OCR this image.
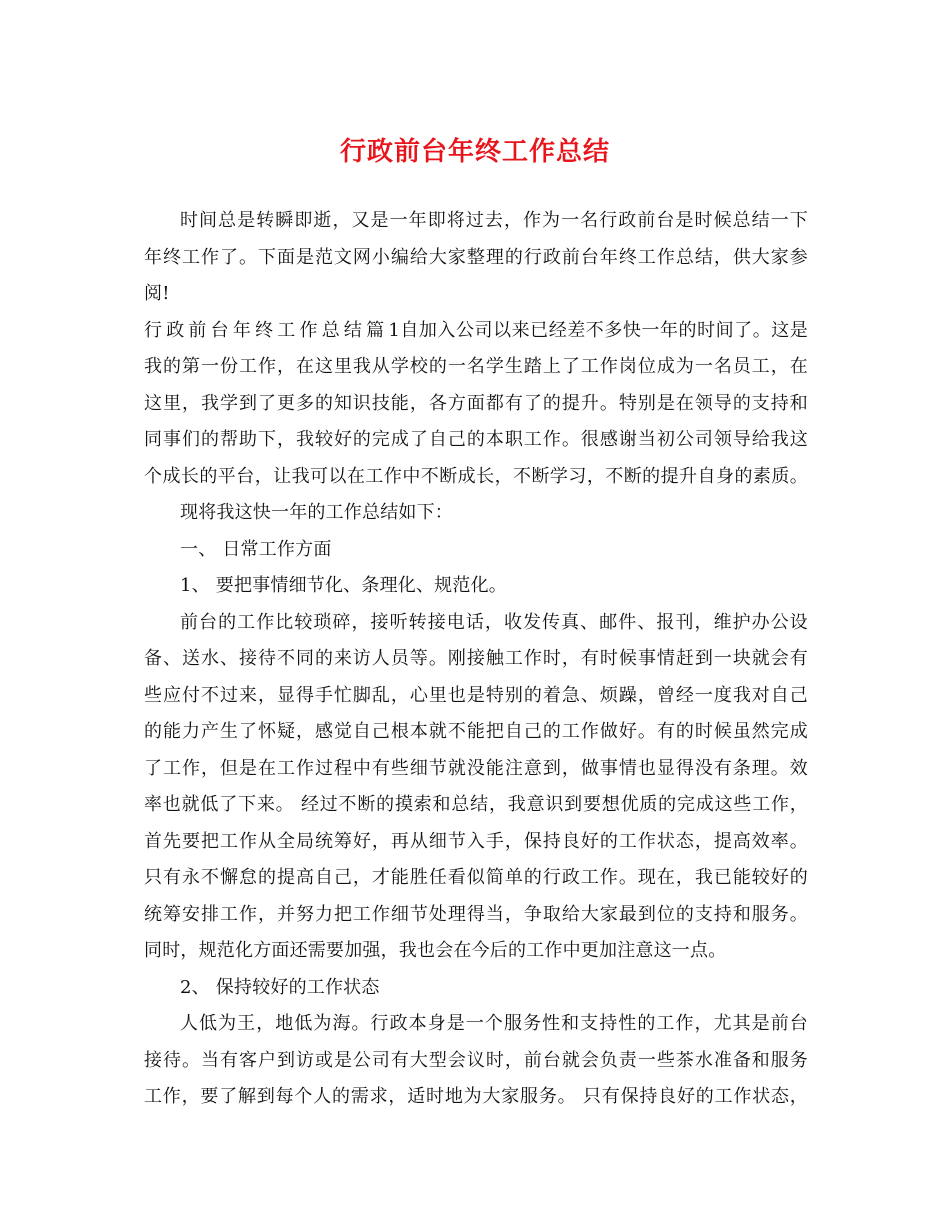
行政前台年终工作总结
时间总是转瞬即逝，又是一年即将过去，作为一名行政前台是时候总结一下
年终工作了。下面是范文网小编给大家整理的行政前台年终工作总结，供大家参
阅!
行政前台年终工作总结篇1自加入公司以来已经差不多快一年的时间了。这是
我的第一份工作，在这里我从学校的一名学生踏上了工作岗位成为一名员工，在
这里，我学到了更多的知识技能，各方面都有了的提升。特别是在领导的支持和
同事们的帮助下，我较好的完成了自己的本职工作。很感谢当初公司领导给我这
个成长的平台，让我可以在工作中不断成长，不断学习，不断的提升自身的素质。
现将我这快一年的工作总结如下：
一、 日常工作方面
1、 要把事情细节化、条理化、规范化。
前台的工作比较琐碎，接听转接电话，收发传真、邮件、报刊，维护办公设
备、送水、接待不同的来访人员等。刚接触工作时，有时候事情赶到一块就会有
些应付不过来，显得手忙脚乱，心里也是特别的着急、烦躁，曾经一度我对自己
的能力产生了怀疑，感觉自己根本就不能把自己的工作做好。有的时候虽然完成
了工作，但是在工作过程中有些细节就没能注意到，做事情也显得没有条理。效
率也就低了下来。 经过不断的摸索和总结，我意识到要想优质的完成这些工作，
首先要把工作从全局统筹好，再从细节入手，保持良好的工作状态，提高效率。
只有永不懈怠的提高自己，才能胜任看似简单的行政工作。现在，我已能较好的
统筹安排工作，并努力把工作细节处理得当，争取给大家最到位的支持和服务。
同时，规范化方面还需要加强，我也会在今后的工作中更加注意这一点。
2、 保持较好的工作状态
人低为王，地低为海。行政本身是一个服务性和支持性的工作，尤其是前台
接待。当有客户到访或是公司有大型会议时，前台就会负责一些茶水准备和服务
工作，要了解到每个人的需求，适时地为大家服务。 只有保持良好的工作状态，
